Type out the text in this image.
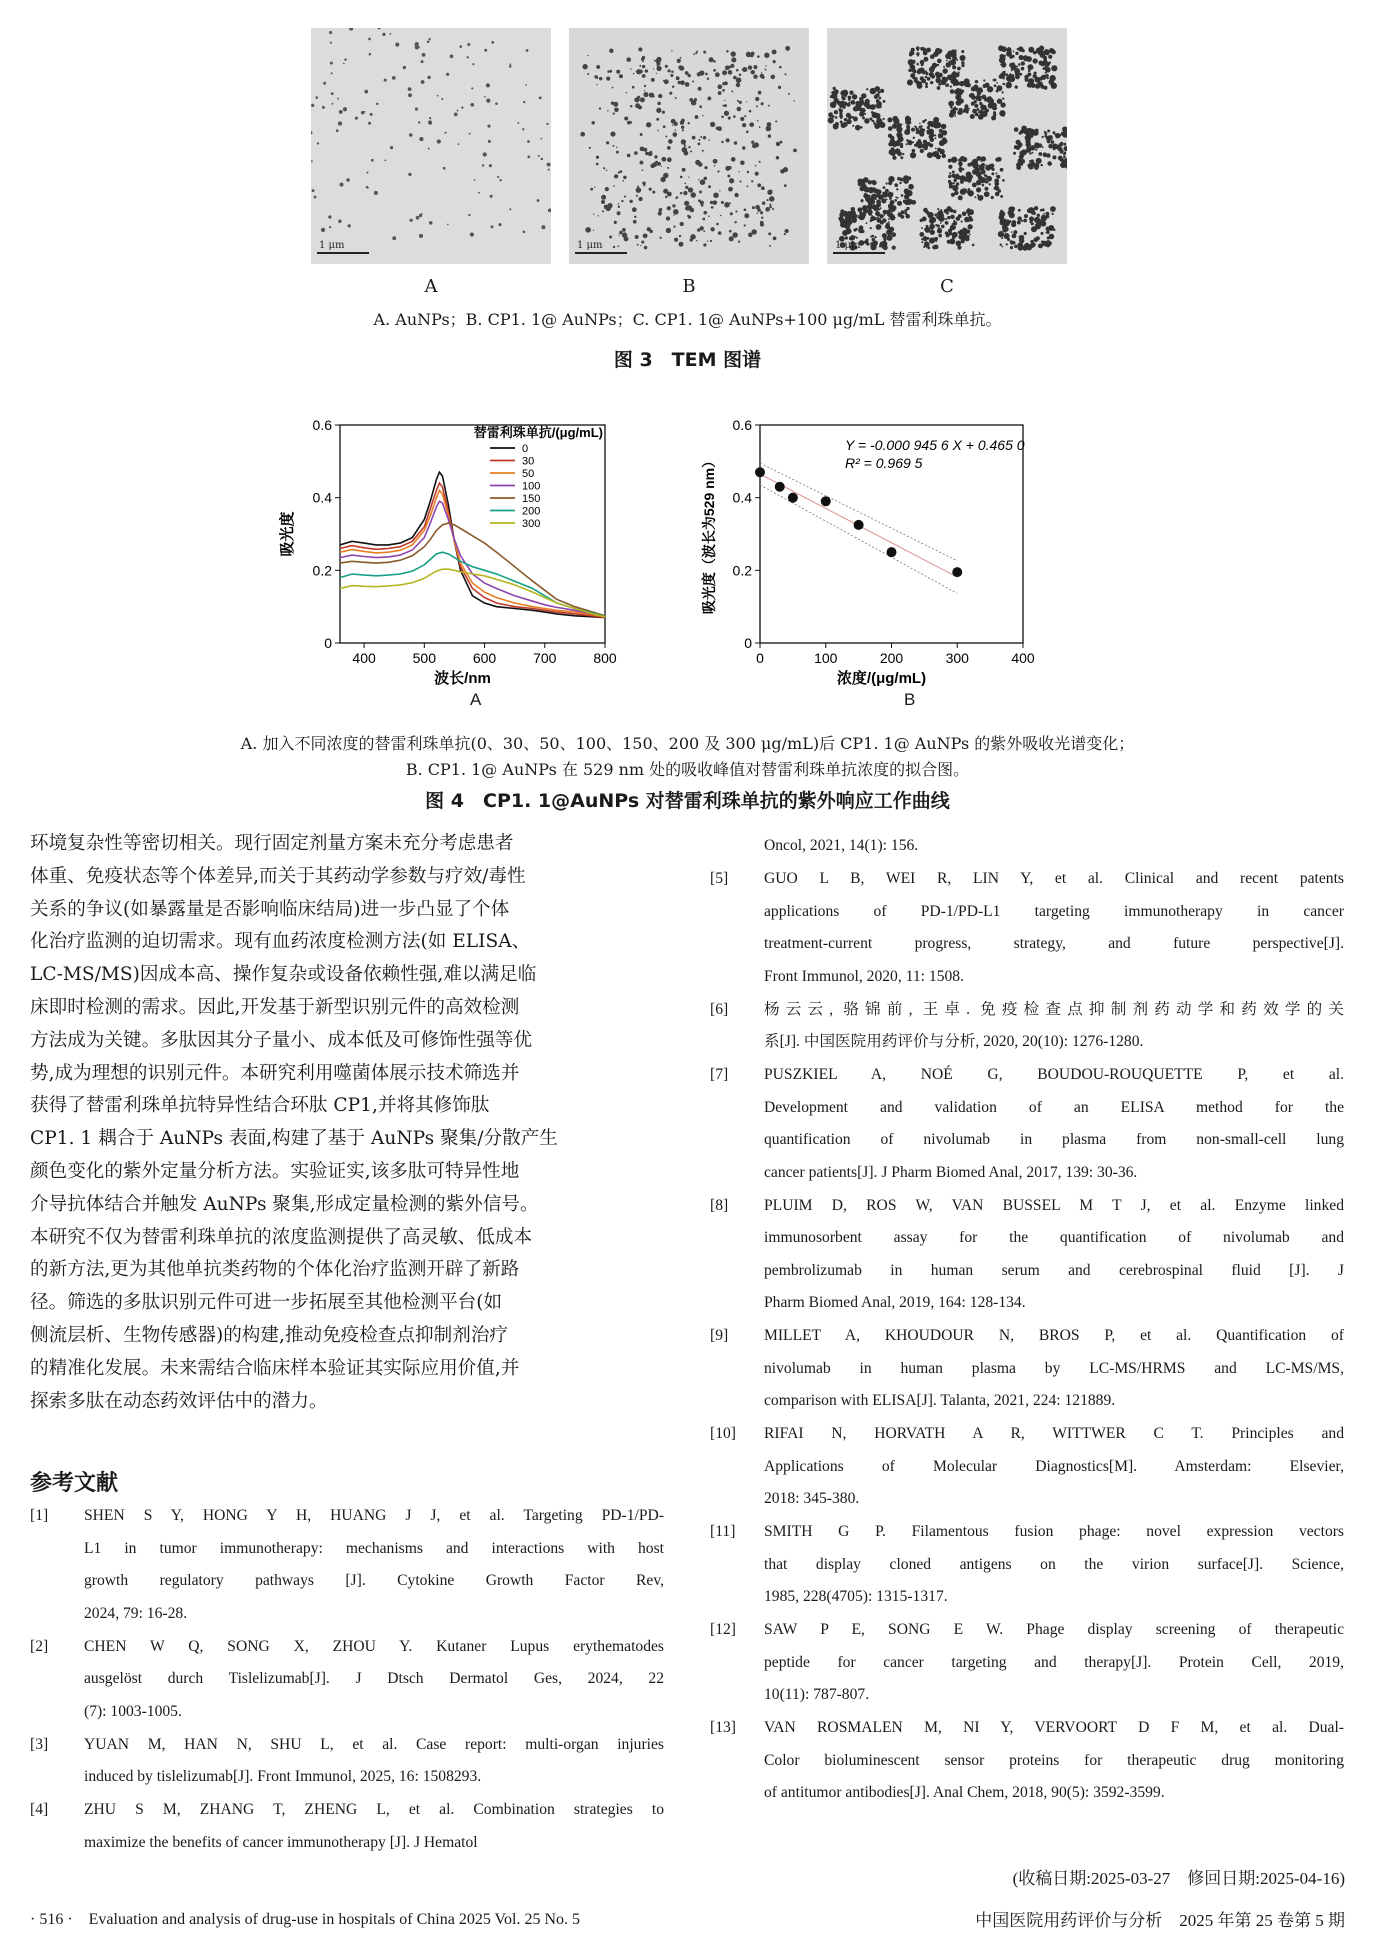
1 μm	1 μm	1 μm
A	B	C
A. AuNPs；B. CP1. 1@ AuNPs；C. CP1. 1@ AuNPs+100 μg/mL 替雷利珠单抗。
图 3　TEM 图谱
400	500	600	700	800
0
0.2
0.4
0.6
波长/nm
吸光度
替雷利珠单抗/(μg/mL)
0
30
50
100
150
200
300
0	100	200	300	400
0
0.2
0.4
0.6
浓度/(μg/mL)
吸光度（波长为529 nm）
Y = -0.000 945 6 X + 0.465 0
R² = 0.969 5
A	B
A. 加入不同浓度的替雷利珠单抗(0、30、50、100、150、200 及 300 μg/mL)后 CP1. 1@ AuNPs 的紫外吸收光谱变化；
B. CP1. 1@ AuNPs 在 529 nm 处的吸收峰值对替雷利珠单抗浓度的拟合图。
图 4　CP1. 1@AuNPs 对替雷利珠单抗的紫外响应工作曲线

环境复杂性等密切相关。现行固定剂量方案未充分考虑患者

体重、免疫状态等个体差异,而关于其药动学参数与疗效/毒性

关系的争议(如暴露量是否影响临床结局)进一步凸显了个体

化治疗监测的迫切需求。现有血药浓度检测方法(如 ELISA、

LC-MS/MS)因成本高、操作复杂或设备依赖性强,难以满足临

床即时检测的需求。因此,开发基于新型识别元件的高效检测

方法成为关键。多肽因其分子量小、成本低及可修饰性强等优

势,成为理想的识别元件。本研究利用噬菌体展示技术筛选并

获得了替雷利珠单抗特异性结合环肽 CP1,并将其修饰肽

CP1. 1 耦合于 AuNPs 表面,构建了基于 AuNPs 聚集/分散产生

颜色变化的紫外定量分析方法。实验证实,该多肽可特异性地

介导抗体结合并触发 AuNPs 聚集,形成定量检测的紫外信号。

本研究不仅为替雷利珠单抗的浓度监测提供了高灵敏、低成本

的新方法,更为其他单抗类药物的个体化治疗监测开辟了新路

径。筛选的多肽识别元件可进一步拓展至其他检测平台(如

侧流层析、生物传感器)的构建,推动免疫检查点抑制剂治疗

的精准化发展。未来需结合临床样本验证其实际应用价值,并

探索多肽在动态药效评估中的潜力。

参考文献
[1] SHEN S Y, HONG Y H, HUANG J J, et al. Targeting PD-1/PD-
L1 in tumor immunotherapy: mechanisms and interactions with host
growth regulatory pathways [J]. Cytokine Growth Factor Rev,
2024, 79: 16-28.
[2] CHEN W Q, SONG X, ZHOU Y. Kutaner Lupus erythematodes
ausgelöst durch Tislelizumab[J]. J Dtsch Dermatol Ges, 2024, 22
(7): 1003-1005.
[3] YUAN M, HAN N, SHU L, et al. Case report: multi-organ injuries
induced by tislelizumab[J]. Front Immunol, 2025, 16: 1508293.
[4] ZHU S M, ZHANG T, ZHENG L, et al. Combination strategies to
maximize the benefits of cancer immunotherapy [J]. J Hematol
Oncol, 2021, 14(1): 156.
[5] GUO L B, WEI R, LIN Y, et al. Clinical and recent patents
applications of PD-1/PD-L1 targeting immunotherapy in cancer
treatment-current progress, strategy, and future perspective[J].
Front Immunol, 2020, 11: 1508.
[6] 杨云云, 骆锦前, 王卓. 免疫检查点抑制剂药动学和药效学的关
系[J]. 中国医院用药评价与分析, 2020, 20(10): 1276-1280.
[7] PUSZKIEL A, NOÉ G, BOUDOU-ROUQUETTE P, et al.
Development and validation of an ELISA method for the
quantification of nivolumab in plasma from non-small-cell lung
cancer patients[J]. J Pharm Biomed Anal, 2017, 139: 30-36.
[8] PLUIM D, ROS W, VAN BUSSEL M T J, et al. Enzyme linked
immunosorbent assay for the quantification of nivolumab and
pembrolizumab in human serum and cerebrospinal fluid [J]. J
Pharm Biomed Anal, 2019, 164: 128-134.
[9] MILLET A, KHOUDOUR N, BROS P, et al. Quantification of
nivolumab in human plasma by LC-MS/HRMS and LC-MS/MS,
comparison with ELISA[J]. Talanta, 2021, 224: 121889.
[10] RIFAI N, HORVATH A R, WITTWER C T. Principles and
Applications of Molecular Diagnostics[M]. Amsterdam: Elsevier,
2018: 345-380.
[11] SMITH G P. Filamentous fusion phage: novel expression vectors
that display cloned antigens on the virion surface[J]. Science,
1985, 228(4705): 1315-1317.
[12] SAW P E, SONG E W. Phage display screening of therapeutic
peptide for cancer targeting and therapy[J]. Protein Cell, 2019,
10(11): 787-807.
[13] VAN ROSMALEN M, NI Y, VERVOORT D F M, et al. Dual-
Color bioluminescent sensor proteins for therapeutic drug monitoring
of antitumor antibodies[J]. Anal Chem, 2018, 90(5): 3592-3599.
(收稿日期:2025-03-27　修回日期:2025-04-16)
· 516 ·　Evaluation and analysis of drug-use in hospitals of China 2025 Vol. 25 No. 5	中国医院用药评价与分析　2025 年第 25 卷第 5 期
